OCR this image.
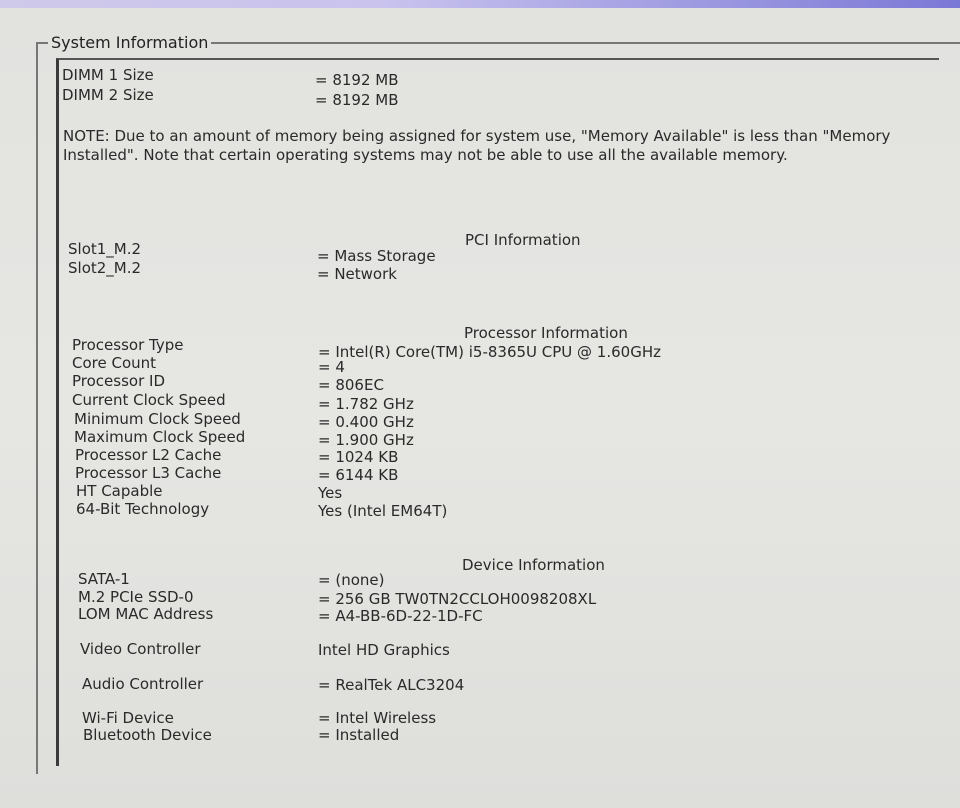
System Information
DIMM 1 Size	= 8192 MB
DIMM 2 Size	= 8192 MB
NOTE: Due to an amount of memory being assigned for system use, "Memory Available" is less than "Memory Installed". Note that certain operating systems may not be able to use all the available memory.
PCI Information
Slot1_M.2	= Mass Storage
Slot2_M.2	= Network
Processor Information
Processor Type	= Intel(R) Core(TM) i5-8365U CPU @ 1.60GHz
Core Count	= 4
Processor ID	= 806EC
Current Clock Speed	= 1.782 GHz
Minimum Clock Speed	= 0.400 GHz
Maximum Clock Speed	= 1.900 GHz
Processor L2 Cache	= 1024 KB
Processor L3 Cache	= 6144 KB
HT Capable	Yes
64-Bit Technology	Yes (Intel EM64T)
Device Information
SATA-1	= (none)
M.2 PCIe SSD-0	= 256 GB TW0TN2CCLOH0098208XL
LOM MAC Address	= A4-BB-6D-22-1D-FC
Video Controller	Intel HD Graphics
Audio Controller	= RealTek ALC3204
Wi-Fi Device	= Intel Wireless
Bluetooth Device	= Installed
